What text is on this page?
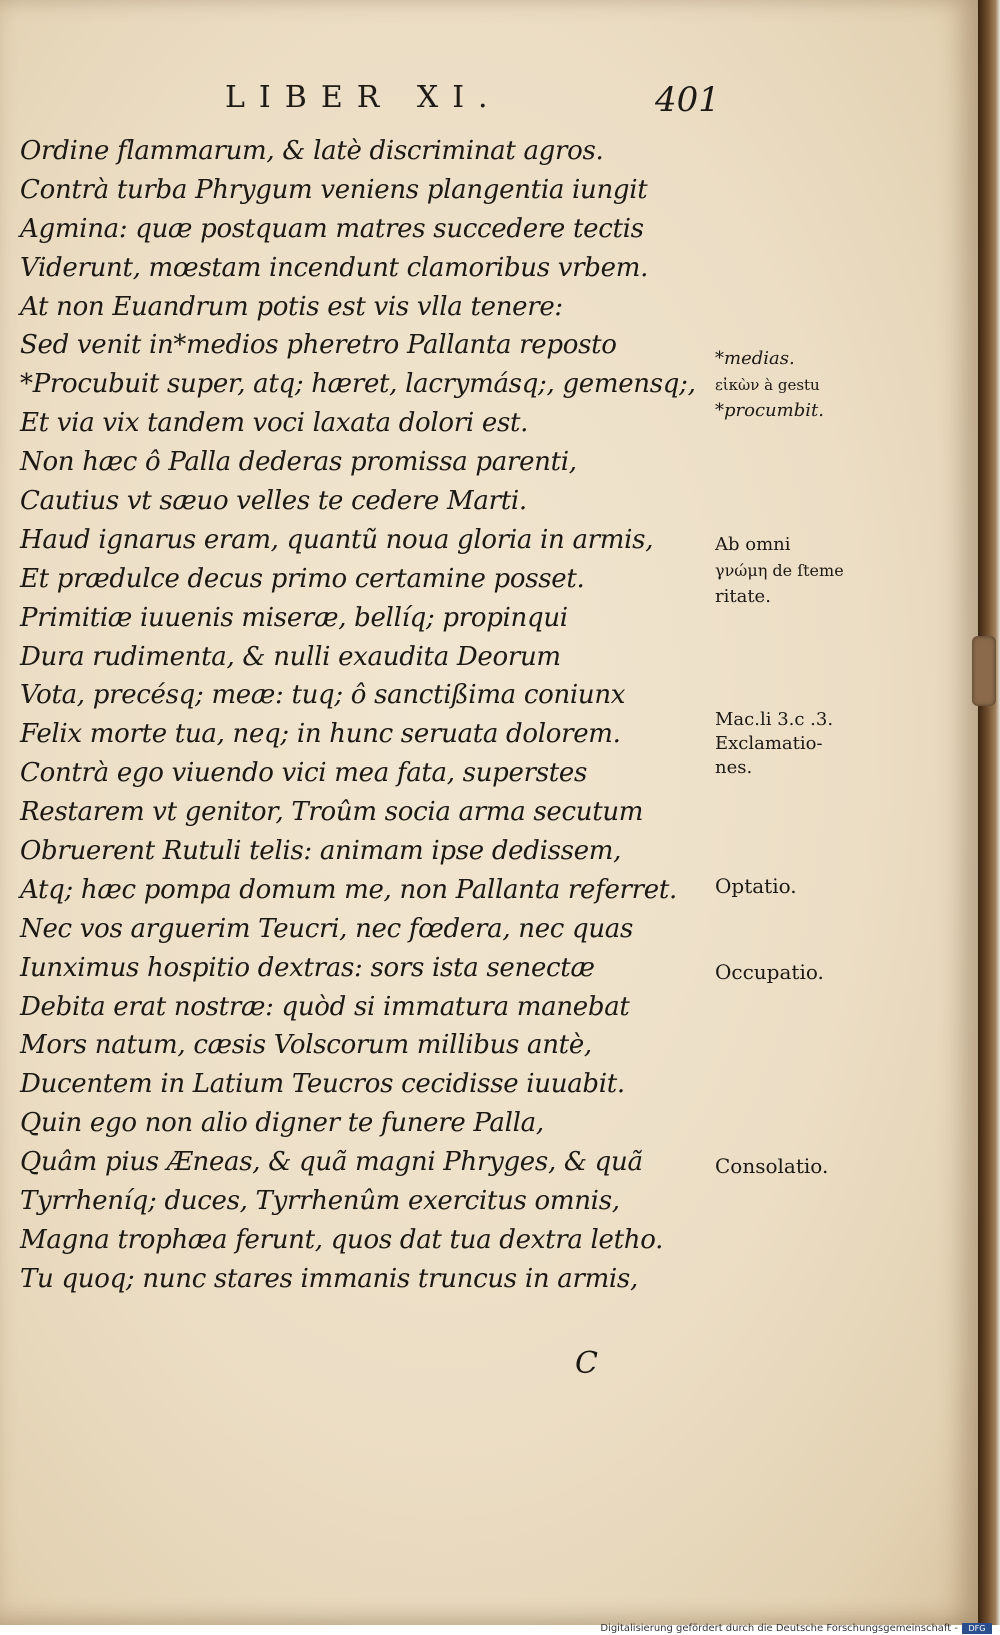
LIBER XI.	401
Ordine flammarum, & latè discriminat agros.
Contrà turba Phrygum veniens plangentia iungit
Agmina: quæ postquam matres succedere tectis
Viderunt, mœstam incendunt clamoribus vrbem.
At non Euandrum potis est vis vlla tenere:
Sed venit in*medios pheretro Pallanta reposto
*Procubuit super, atq; hæret, lacrymásq;, gemensq;,
Et via vix tandem voci laxata dolori est.
Non hæc ô Palla dederas promissa parenti,
Cautius vt sæuo velles te cedere Marti.
Haud ignarus eram, quantũ noua gloria in armis,
Et prædulce decus primo certamine posset.
Primitiæ iuuenis miseræ, bellíq; propinqui
Dura rudimenta, & nulli exaudita Deorum
Vota, precésq; meæ: tuq; ô sanctißima coniunx
Felix morte tua, neq; in hunc seruata dolorem.
Contrà ego viuendo vici mea fata, superstes
Restarem vt genitor, Troûm socia arma secutum
Obruerent Rutuli telis: animam ipse dedissem,
Atq; hæc pompa domum me, non Pallanta referret.
Nec vos arguerim Teucri, nec fœdera, nec quas
Iunximus hospitio dextras: sors ista senectæ
Debita erat nostræ: quòd si immatura manebat
Mors natum, cæsis Volscorum millibus antè,
Ducentem in Latium Teucros cecidisse iuuabit.
Quin ego non alio digner te funere Palla,
Quâm pius Æneas, & quã magni Phryges, & quã
Tyrrheníq; duces, Tyrrhenûm exercitus omnis,
Magna trophæa ferunt, quos dat tua dextra letho.
Tu quoq; nunc stares immanis truncus in armis,
C
*medias.
εἰκὼν à gestu
*procumbit.
Ab omni
γνώμη de ſteme
ritate.
Mac.li 3.c .3.
Exclamatio-
nes.
Optatio.
Occupatio.
Consolatio.
Digitalisierung gefördert durch die Deutsche Forschungsgemeinschaft -	DFG
